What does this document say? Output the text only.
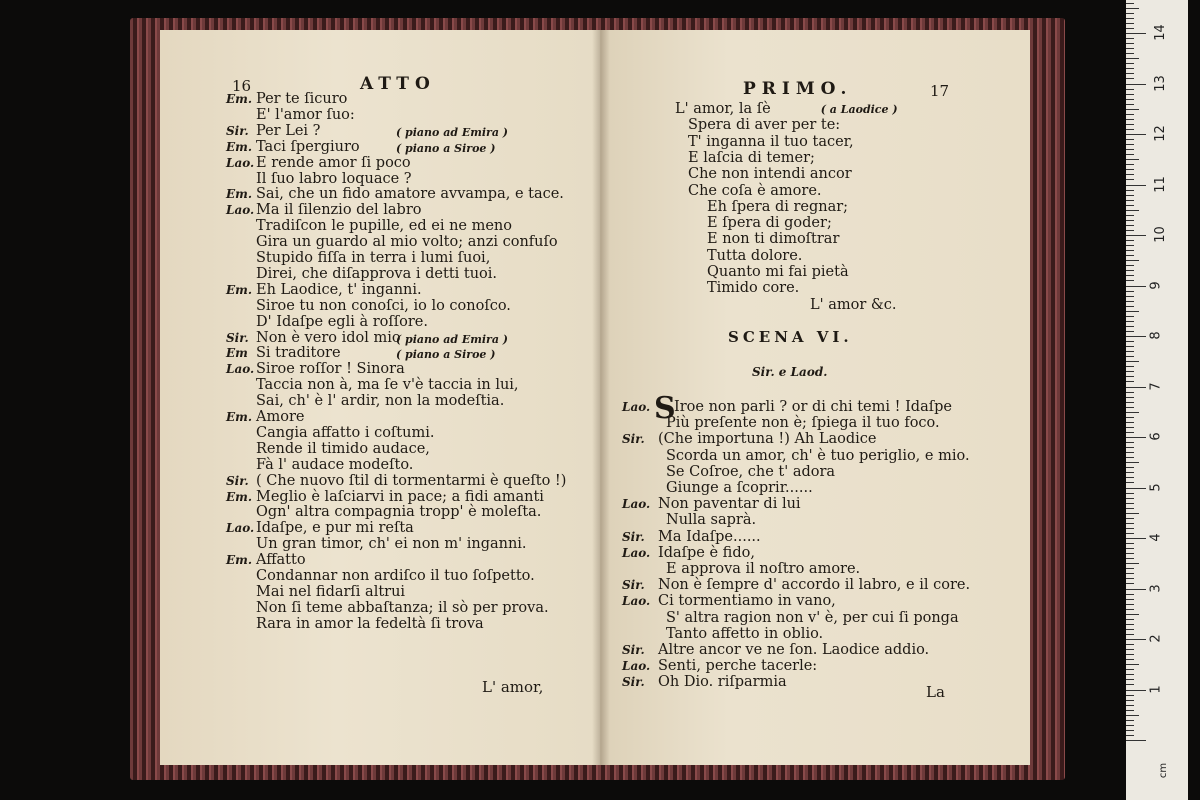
16	ATTO
Em. Per te ſicuro
E' l'amor ſuo:
Sir. Per Lei ?	( piano ad Emira )
Em. Taci ſpergiuro	( piano a Siroe )
Lao. E rende amor ſi poco
Il ſuo labro loquace ?
Em. Sai, che un fido amatore avvampa, e tace.
Lao. Ma il ſilenzio del labro
Tradiſcon le pupille, ed ei ne meno
Gira un guardo al mio volto; anzi confuſo
Stupido fiſſa in terra i lumi ſuoi,
Direi, che diſapprova i detti tuoi.
Em. Eh Laodice, t' inganni.
Siroe tu non conoſci, io lo conoſco.
D' Idaſpe egli à roſſore.
Sir. Non è vero idol mio
( piano ad Emira )
Em Si traditore	( piano a Siroe )
Lao. Siroe roſſor ! Sinora
Taccia non à, ma ſe v'è taccia in lui,
Sai, ch' è l' ardir, non la modeſtia.
Em. Amore
Cangia affatto i coſtumi.
Rende il timido audace,
Fà l' audace modeſto.
Sir. ( Che nuovo ſtil di tormentarmi è queſto !)
Em. Meglio è laſciarvi in pace; a fidi amanti
Ogn' altra compagnia tropp' è moleſta.
Lao. Idaſpe, e pur mi reſta
Un gran timor, ch' ei non m' inganni.
Em. Affatto
Condannar non ardiſco il tuo ſoſpetto.
Mai nel fidarſi altrui
Non ſi teme abbaſtanza; il sò per prova.
Rara in amor la fedeltà ſi trova
L' amor,
PRIMO.	17
L' amor, la ſè	( a Laodice )
Spera di aver per te:
T' inganna il tuo tacer,
E laſcia di temer;
Che non intendi ancor
Che coſa è amore.
Eh ſpera di regnar;
E ſpera di goder;
E non ti dimoſtrar
Tutta dolore.
Quanto mi fai pietà
Timido core.
L' amor &c.
SCENA VI.
Sir. e Laod.
Lao. S
Iroe non parli ? or di chi temi ! Idaſpe
Più preſente non è; ſpiega il tuo foco.
Sir. (Che importuna !) Ah Laodice
Scorda un amor, ch' è tuo periglio, e mio.
Se Coſroe, che t' adora
Giunge a ſcoprir......
Lao. Non paventar di lui
Nulla saprà.
Sir. Ma Idaſpe......
Lao. Idaſpe è fido,
E approva il noſtro amore.
Sir. Non è ſempre d' accordo il labro, e il core.
Lao. Ci tormentiamo in vano,
S' altra ragion non v' è, per cui ſi ponga
Tanto affetto in oblio.
Sir. Altre ancor ve ne ſon. Laodice addio.
Lao. Senti, perche tacerle:
Sir. Oh Dio. riſparmia
La	1
2
3
4
5
6
7
8
9
10
11
12
13
14
cm
